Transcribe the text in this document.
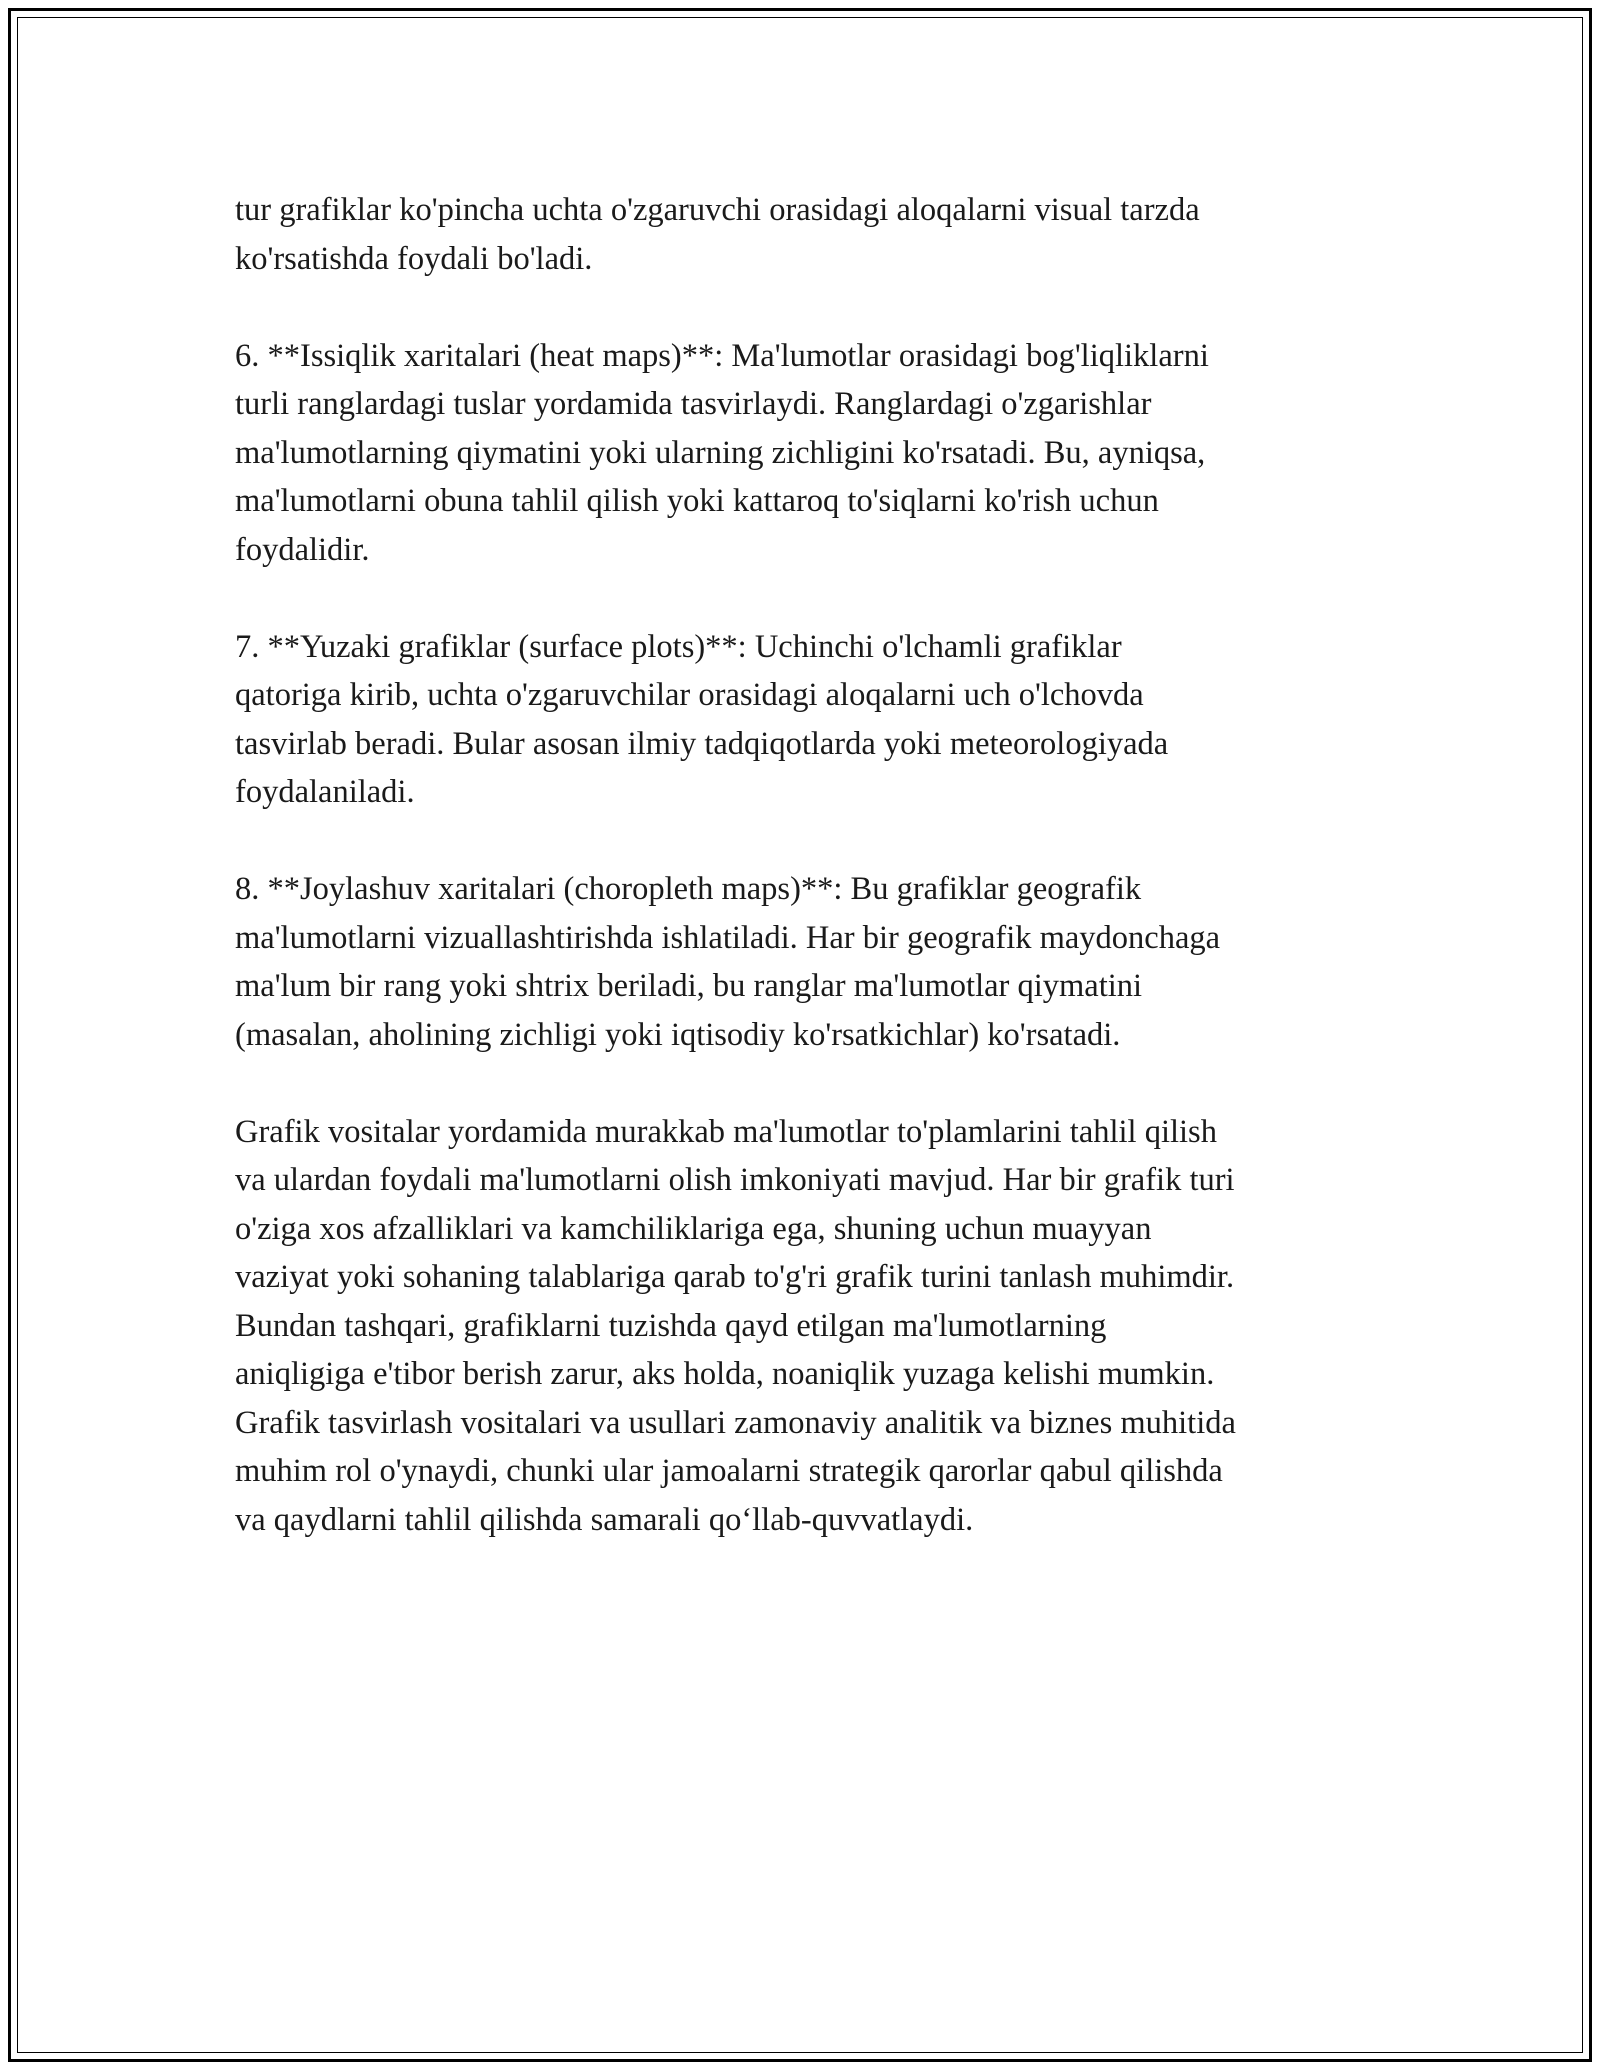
tur grafiklar ko'pincha uchta o'zgaruvchi orasidagi aloqalarni visual tarzda
ko'rsatishda foydali bo'ladi.

6. **Issiqlik xaritalari (heat maps)**: Ma'lumotlar orasidagi bog'liqliklarni
turli ranglardagi tuslar yordamida tasvirlaydi. Ranglardagi o'zgarishlar
ma'lumotlarning qiymatini yoki ularning zichligini ko'rsatadi. Bu, ayniqsa,
ma'lumotlarni obuna tahlil qilish yoki kattaroq to'siqlarni ko'rish uchun
foydalidir.

7. **Yuzaki grafiklar (surface plots)**: Uchinchi o'lchamli grafiklar
qatoriga kirib, uchta o'zgaruvchilar orasidagi aloqalarni uch o'lchovda
tasvirlab beradi. Bular asosan ilmiy tadqiqotlarda yoki meteorologiyada
foydalaniladi.

8. **Joylashuv xaritalari (choropleth maps)**: Bu grafiklar geografik
ma'lumotlarni vizuallashtirishda ishlatiladi. Har bir geografik maydonchaga
ma'lum bir rang yoki shtrix beriladi, bu ranglar ma'lumotlar qiymatini
(masalan, aholining zichligi yoki iqtisodiy ko'rsatkichlar) ko'rsatadi.

Grafik vositalar yordamida murakkab ma'lumotlar to'plamlarini tahlil qilish
va ulardan foydali ma'lumotlarni olish imkoniyati mavjud. Har bir grafik turi
o'ziga xos afzalliklari va kamchiliklariga ega, shuning uchun muayyan
vaziyat yoki sohaning talablariga qarab to'g'ri grafik turini tanlash muhimdir.
Bundan tashqari, grafiklarni tuzishda qayd etilgan ma'lumotlarning
aniqligiga e'tibor berish zarur, aks holda, noaniqlik yuzaga kelishi mumkin.
Grafik tasvirlash vositalari va usullari zamonaviy analitik va biznes muhitida
muhim rol o'ynaydi, chunki ular jamoalarni strategik qarorlar qabul qilishda
va qaydlarni tahlil qilishda samarali qo‘llab-quvvatlaydi.
